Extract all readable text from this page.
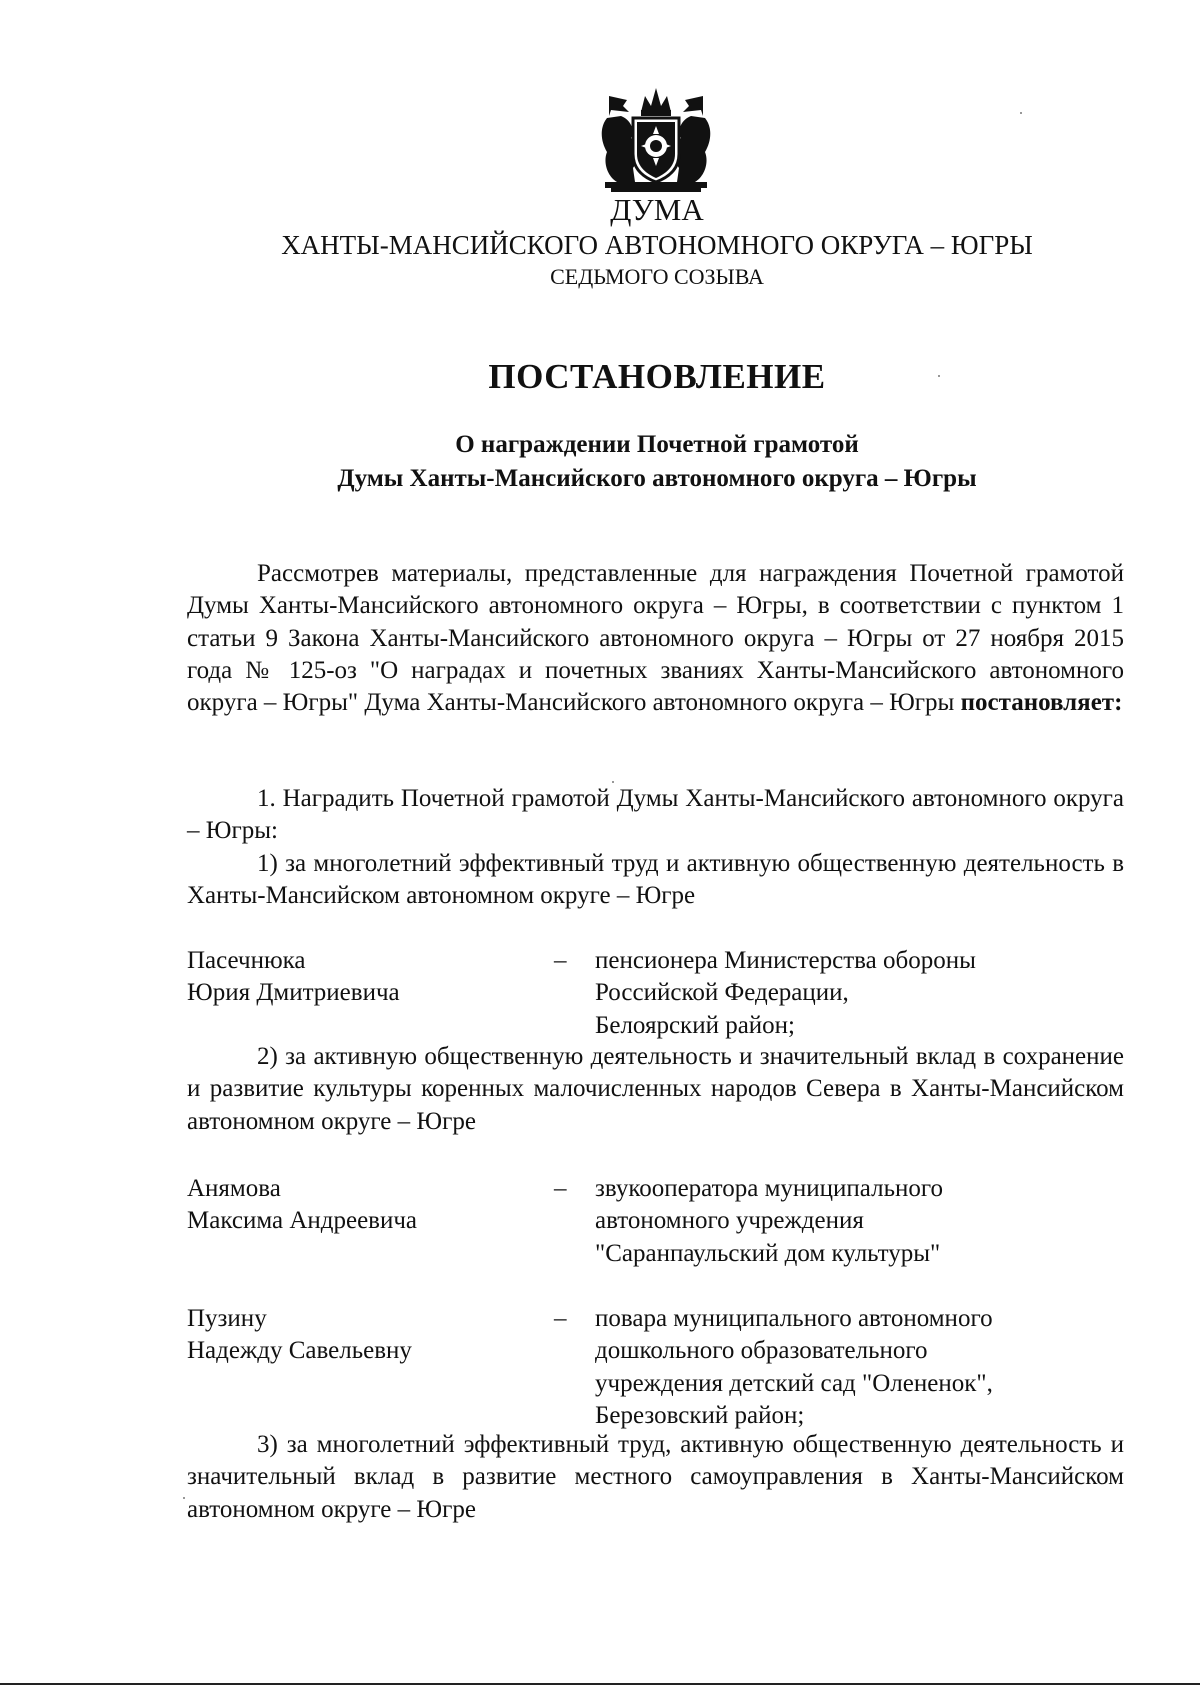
ДУМА
ХАНТЫ-МАНСИЙСКОГО АВТОНОМНОГО ОКРУГА – ЮГРЫ
СЕДЬМОГО СОЗЫВА
ПОСТАНОВЛЕНИЕ
О награждении Почетной грамотой
Думы Ханты-Мансийского автономного округа – Югры
Рассмотрев материалы, представленные для награждения Почетной грамотой Думы Ханты-Мансийского автономного округа – Югры, в соответствии с пунктом 1 статьи 9 Закона Ханты-Мансийского автономного округа – Югры от 27 ноября 2015 года № 125-оз "О наградах и почетных званиях Ханты-Мансийского автономного округа – Югры" Дума Ханты-Мансийского автономного округа – Югры постановляет:
1. Наградить Почетной грамотой Думы Ханты-Мансийского автономного округа – Югры:
1) за многолетний эффективный труд и активную общественную деятельность в Ханты-Мансийском автономном округе – Югре
Пасечнюка
Юрия Дмитриевича
– пенсионера Министерства обороны
Российской Федерации,
Белоярский район;
2) за активную общественную деятельность и значительный вклад в сохранение и развитие культуры коренных малочисленных народов Севера в Ханты-Мансийском автономном округе – Югре
Анямова
Максима Андреевича
– звукооператора муниципального
автономного учреждения
"Саранпаульский дом культуры"
Пузину
Надежду Савельевну
– повара муниципального автономного
дошкольного образовательного
учреждения детский сад "Олененок",
Березовский район;
3) за многолетний эффективный труд, активную общественную деятельность и значительный вклад в развитие местного самоуправления в Ханты-Мансийском автономном округе – Югре
